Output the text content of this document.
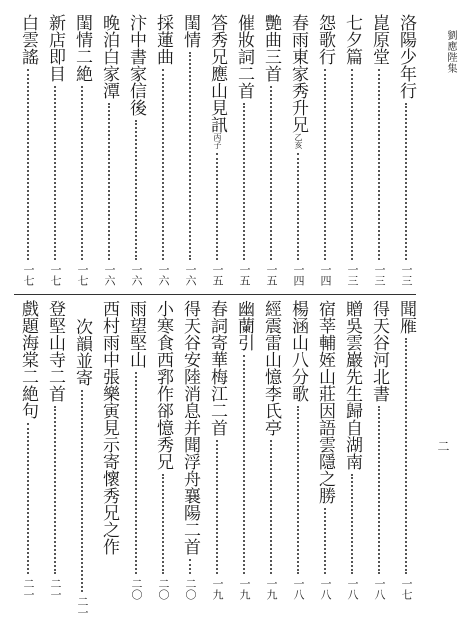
劉應陛集
二
洛陽少年行
一三
崑原堂
一三
七夕篇
一三
怨歌行
一四
春雨東家秀升兄乙亥
一四
艷曲三首
一五
催妝詞二首
一五
答秀兄應山見訊丙子
一五
閨情
一六
採蓮曲
一六
汴中書家信後
一六
晚泊白家潭
一六
閨情二絶
一七
新店即目
一七
白雲謠
一七
聞雁
一七
得天谷河北書
一八
贈吳雲巖先生歸自湖南
一八
宿莘輔姪山莊因語雲隱之勝
一八
楊涵山八分歌
一八
經震雷山憶李氏亭
一九
幽蘭引
一九
春詞寄華梅江二首
一九
得天谷安陸消息并聞浮舟襄陽二首
二〇
小寒食西郛作郤憶秀兄
二〇
雨望堅山
二〇
西村雨中張樂寅見示寄懷秀兄之作
次韻並寄
二一
登堅山寺二首
二一
戲題海棠二絶句
二一
